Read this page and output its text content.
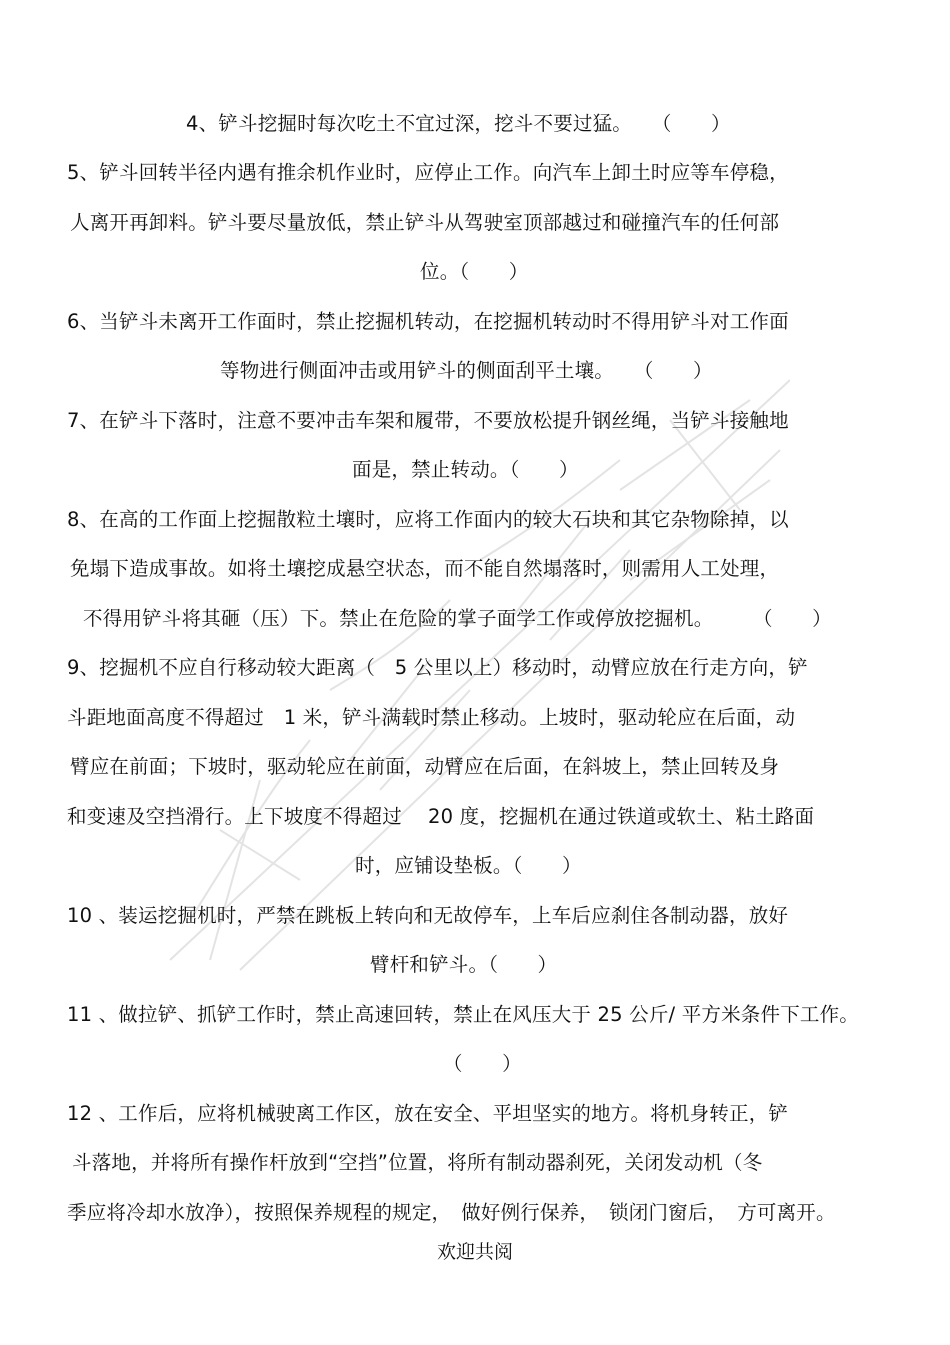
4、铲斗挖掘时每次吃土不宜过深，挖斗不要过猛。　　（　　）
5、铲斗回转半径内遇有推余机作业时，应停止工作。向汽车上卸土时应等车停稳，
人离开再卸料。铲斗要尽量放低，禁止铲斗从驾驶室顶部越过和碰撞汽车的任何部
位。（　　）
6、当铲斗未离开工作面时，禁止挖掘机转动，在挖掘机转动时不得用铲斗对工作面
等物进行侧面冲击或用铲斗的侧面刮平土壤。　　（　　）
7、在铲斗下落时，注意不要冲击车架和履带，不要放松提升钢丝绳，当铲斗接触地
面是，禁止转动。（　　）
8、在高的工作面上挖掘散粒土壤时，应将工作面内的较大石块和其它杂物除掉，以
免塌下造成事故。如将土壤挖成悬空状态，而不能自然塌落时，则需用人工处理，
不得用铲斗将其砸（压）下。禁止在危险的掌子面学工作或停放挖掘机。　　　（　　）
9、挖掘机不应自行移动较大距离（　5 公里以上）移动时，动臂应放在行走方向，铲
斗距地面高度不得超过　1 米，铲斗满载时禁止移动。上坡时，驱动轮应在后面，动
臂应在前面；下坡时，驱动轮应在前面，动臂应在后面，在斜坡上，禁止回转及身
和变速及空挡滑行。上下坡度不得超过　 20 度，挖掘机在通过铁道或软土、粘土路面
时，应铺设垫板。（　　）
10 、装运挖掘机时，严禁在跳板上转向和无故停车，上车后应刹住各制动器，放好
臂杆和铲斗。（　　）
11 、做拉铲、抓铲工作时，禁止高速回转，禁止在风压大于 25 公斤/ 平方米条件下工作。
（　　）
12 、工作后，应将机械驶离工作区，放在安全、平坦坚实的地方。将机身转正，铲
斗落地，并将所有操作杆放到“空挡”位置，将所有制动器刹死，关闭发动机（冬
季应将冷却水放净），按照保养规程的规定，　做好例行保养，　锁闭门窗后，　方可离开。
欢迎共阅
